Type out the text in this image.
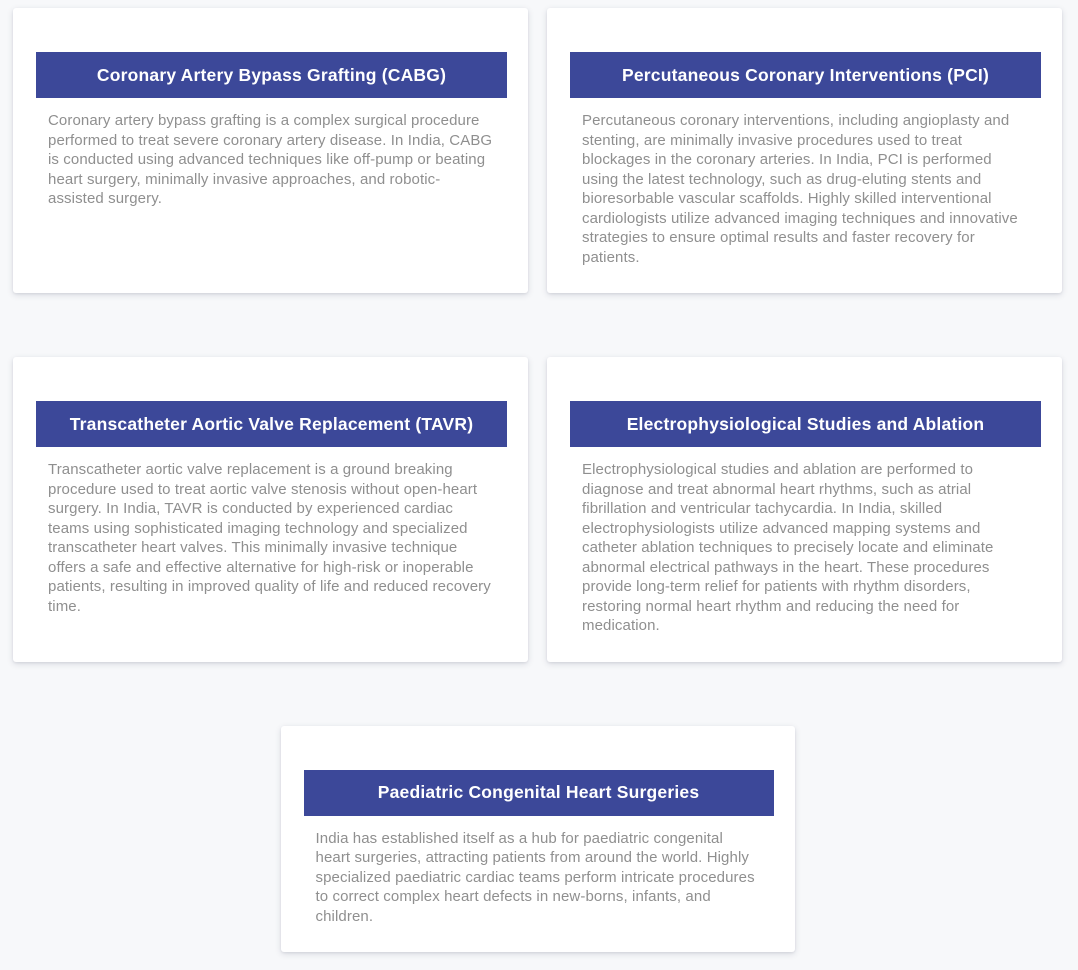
Coronary Artery Bypass Grafting (CABG)

Coronary artery bypass grafting is a complex surgical procedure performed to treat severe coronary artery disease. In India, CABG is conducted using advanced techniques like off-pump or beating heart surgery, minimally invasive approaches, and robotic-assisted surgery.

Percutaneous Coronary Interventions (PCI)

Percutaneous coronary interventions, including angioplasty and stenting, are minimally invasive procedures used to treat blockages in the coronary arteries. In India, PCI is performed using the latest technology, such as drug-eluting stents and bioresorbable vascular scaffolds. Highly skilled interventional cardiologists utilize advanced imaging techniques and innovative strategies to ensure optimal results and faster recovery for patients.

Transcatheter Aortic Valve Replacement (TAVR)

Transcatheter aortic valve replacement is a ground breaking procedure used to treat aortic valve stenosis without open-heart surgery. In India, TAVR is conducted by experienced cardiac teams using sophisticated imaging technology and specialized transcatheter heart valves. This minimally invasive technique offers a safe and effective alternative for high-risk or inoperable patients, resulting in improved quality of life and reduced recovery time.

Electrophysiological Studies and Ablation

Electrophysiological studies and ablation are performed to diagnose and treat abnormal heart rhythms, such as atrial fibrillation and ventricular tachycardia. In India, skilled electrophysiologists utilize advanced mapping systems and catheter ablation techniques to precisely locate and eliminate abnormal electrical pathways in the heart. These procedures provide long-term relief for patients with rhythm disorders, restoring normal heart rhythm and reducing the need for medication.

Paediatric Congenital Heart Surgeries

India has established itself as a hub for paediatric congenital heart surgeries, attracting patients from around the world. Highly specialized paediatric cardiac teams perform intricate procedures to correct complex heart defects in new-borns, infants, and children.
